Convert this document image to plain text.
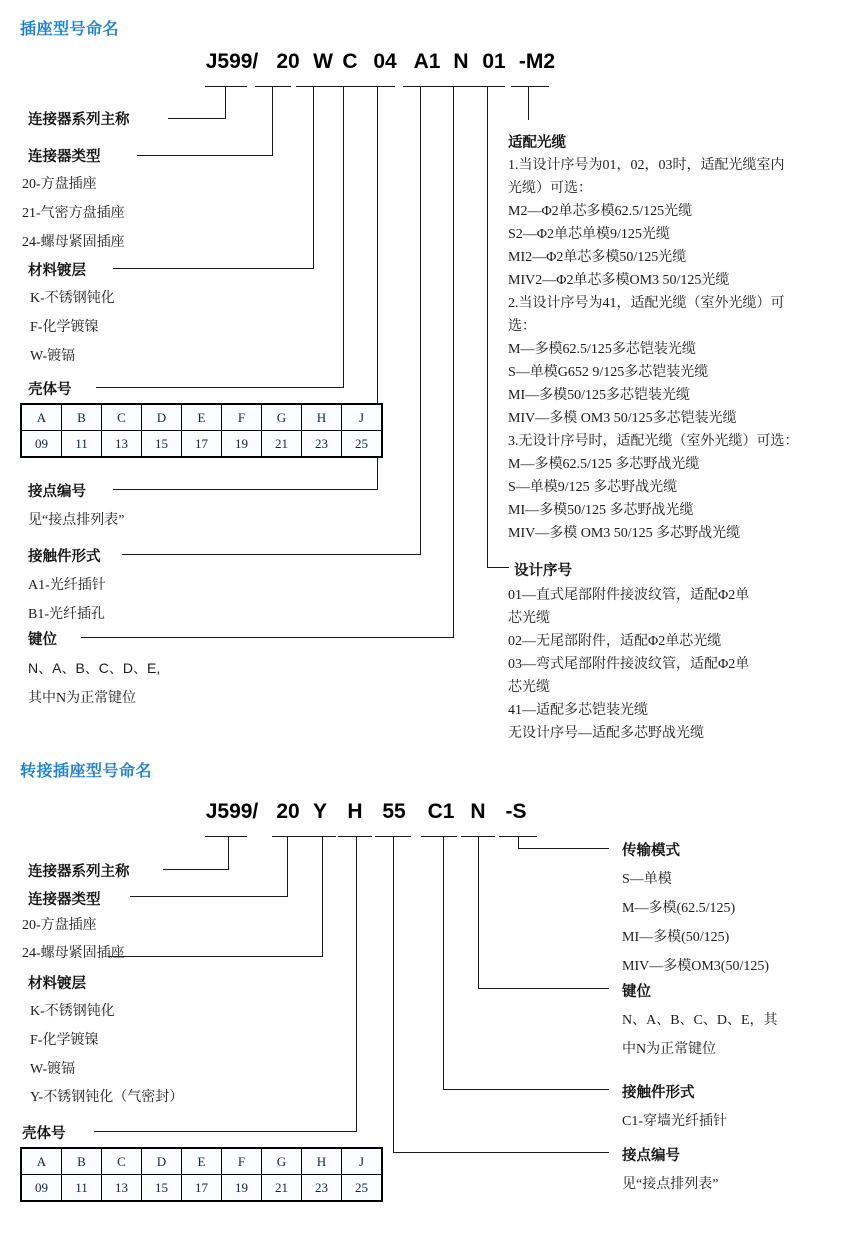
插座型号命名
J599/ 20 W C 04 A1 N 01 -M2
连接器系列主称
连接器类型
20-方盘插座
21-气密方盘插座
24-螺母紧固插座
材料镀层
K-不锈钢钝化
F-化学镀镍
W-镀镉
壳体号
A	B	C	D	E	F	G	H	J
09	11	13	15	17	19	21	23	25
接点编号
见“接点排列表”
接触件形式
A1-光纤插针
B1-光纤插孔
键位
N、A、B、C、D、E,
其中N为正常键位
适配光缆
1.当设计序号为01，02，03时，适配光缆室内
光缆）可选：
M2—Φ2单芯多模62.5/125光缆
S2—Φ2单芯单模9/125光缆
MI2—Φ2单芯多模50/125光缆
MIV2—Φ2单芯多模OM3 50/125光缆
2.当设计序号为41，适配光缆（室外光缆）可
选：
M—多模62.5/125多芯铠装光缆
S—单模G652 9/125多芯铠装光缆
MI—多模50/125多芯铠装光缆
MIV—多模 OM3 50/125多芯铠装光缆
3.无设计序号时，适配光缆（室外光缆）可选：
M—多模62.5/125 多芯野战光缆
S—单模9/125 多芯野战光缆
MI—多模50/125 多芯野战光缆
MIV—多模 OM3 50/125 多芯野战光缆
设计序号
01—直式尾部附件接波纹管，适配Φ2单
芯光缆
02—无尾部附件，适配Φ2单芯光缆
03—弯式尾部附件接波纹管，适配Φ2单
芯光缆
41—适配多芯铠装光缆
无设计序号—适配多芯野战光缆
转接插座型号命名
J599/ 20 Y H 55 C1 N -S
连接器系列主称
连接器类型
20-方盘插座
24-螺母紧固插座
材料镀层
K-不锈钢钝化
F-化学镀镍
W-镀镉
Y-不锈钢钝化（气密封）
壳体号
A	B	C	D	E	F	G	H	J
09	11	13	15	17	19	21	23	25
传输模式
S—单模
M—多模(62.5/125)
MI—多模(50/125)
MIV—多模OM3(50/125)
键位
N、A、B、C、D、E，其
中N为正常键位
接触件形式
C1-穿墙光纤插针
接点编号
见“接点排列表”
